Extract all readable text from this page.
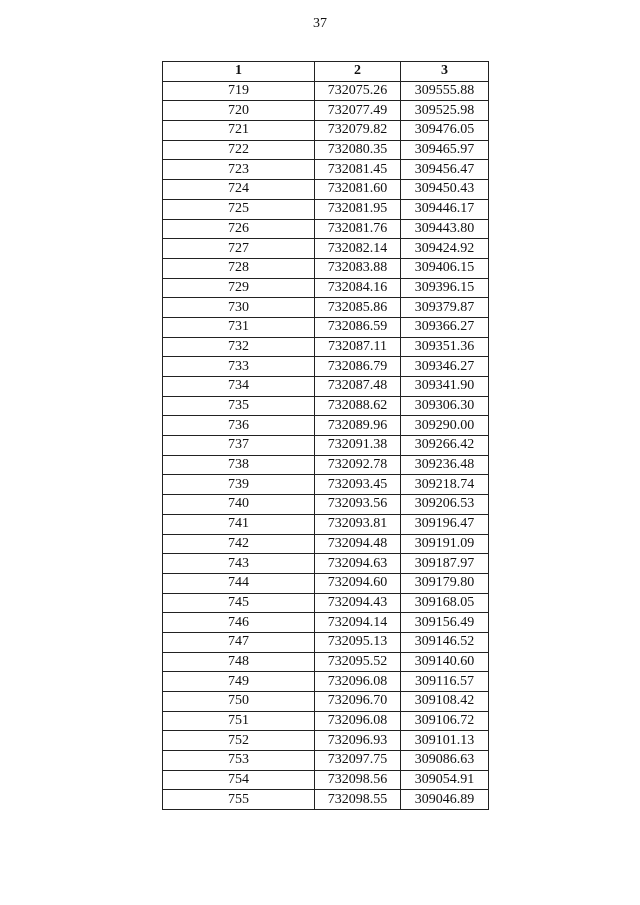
37
1	2	3
719	732075.26	309555.88
720	732077.49	309525.98
721	732079.82	309476.05
722	732080.35	309465.97
723	732081.45	309456.47
724	732081.60	309450.43
725	732081.95	309446.17
726	732081.76	309443.80
727	732082.14	309424.92
728	732083.88	309406.15
729	732084.16	309396.15
730	732085.86	309379.87
731	732086.59	309366.27
732	732087.11	309351.36
733	732086.79	309346.27
734	732087.48	309341.90
735	732088.62	309306.30
736	732089.96	309290.00
737	732091.38	309266.42
738	732092.78	309236.48
739	732093.45	309218.74
740	732093.56	309206.53
741	732093.81	309196.47
742	732094.48	309191.09
743	732094.63	309187.97
744	732094.60	309179.80
745	732094.43	309168.05
746	732094.14	309156.49
747	732095.13	309146.52
748	732095.52	309140.60
749	732096.08	309116.57
750	732096.70	309108.42
751	732096.08	309106.72
752	732096.93	309101.13
753	732097.75	309086.63
754	732098.56	309054.91
755	732098.55	309046.89
